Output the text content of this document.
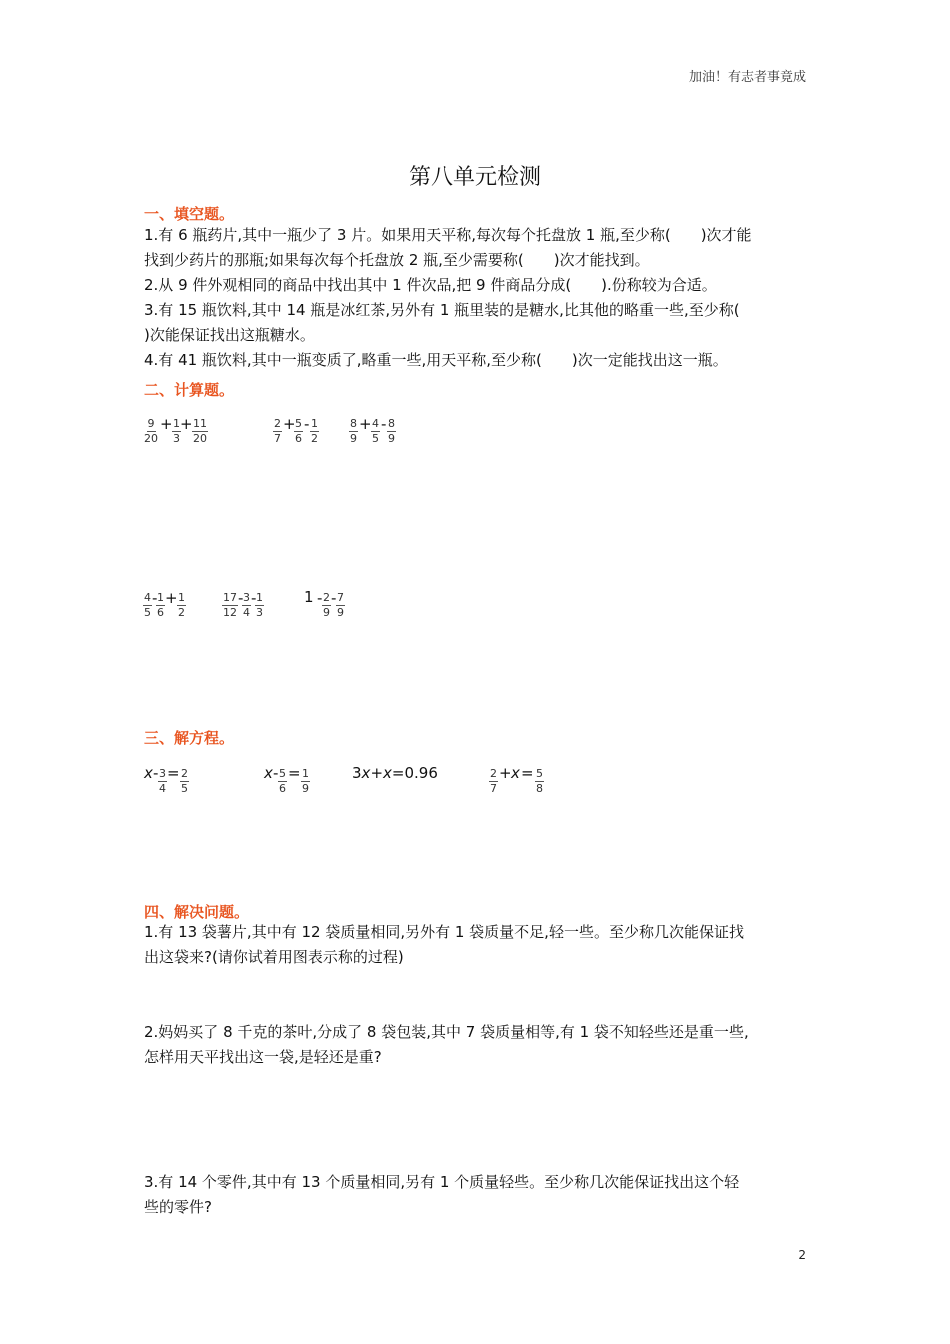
加油！有志者事竟成
第八单元检测
一、填空题。
1.有 6 瓶药片,其中一瓶少了 3 片。如果用天平称,每次每个托盘放 1 瓶,至少称(　　)次才能
找到少药片的那瓶;如果每次每个托盘放 2 瓶,至少需要称(　　)次才能找到。
2.从 9 件外观相同的商品中找出其中 1 件次品,把 9 件商品分成(　　).份称较为合适。
3.有 15 瓶饮料,其中 14 瓶是冰红茶,另外有 1 瓶里装的是糖水,比其他的略重一些,至少称(
)次能保证找出这瓶糖水。
4.有 41 瓶饮料,其中一瓶变质了,略重一些,用天平称,至少称(　　)次一定能找出这一瓶。
二、计算题。
$\frac{9}{20} + \frac{1}{3} + \frac{11}{20}$	$\frac{2}{7}$ +
$\frac{5}{6} - \frac{1}{2}$	$\frac{8}{9} + \frac{4}{5} - \frac{8}{9}$
$\frac{4}{5}$ -
$\frac{1}{6} + \frac{1}{2}$	$\frac{17}{12}$ -
$\frac{3}{4}$ -
$\frac{1}{3}$	$1 - \frac{2}{9} - \frac{7}{9}$
三、解方程。
$x - \frac{3}{4} = \frac{2}{5}$	$x - \frac{5}{6} = \frac{1}{9}$	3x+x=0.96	$\frac{2}{7} + x = \frac{5}{8}$
四、解决问题。
1.有 13 袋薯片,其中有 12 袋质量相同,另外有 1 袋质量不足,轻一些。至少称几次能保证找
出这袋来?(请你试着用图表示称的过程)
2.妈妈买了 8 千克的茶叶,分成了 8 袋包装,其中 7 袋质量相等,有 1 袋不知轻些还是重一些,
怎样用天平找出这一袋,是轻还是重?
3.有 14 个零件,其中有 13 个质量相同,另有 1 个质量轻些。至少称几次能保证找出这个轻
些的零件?
2
